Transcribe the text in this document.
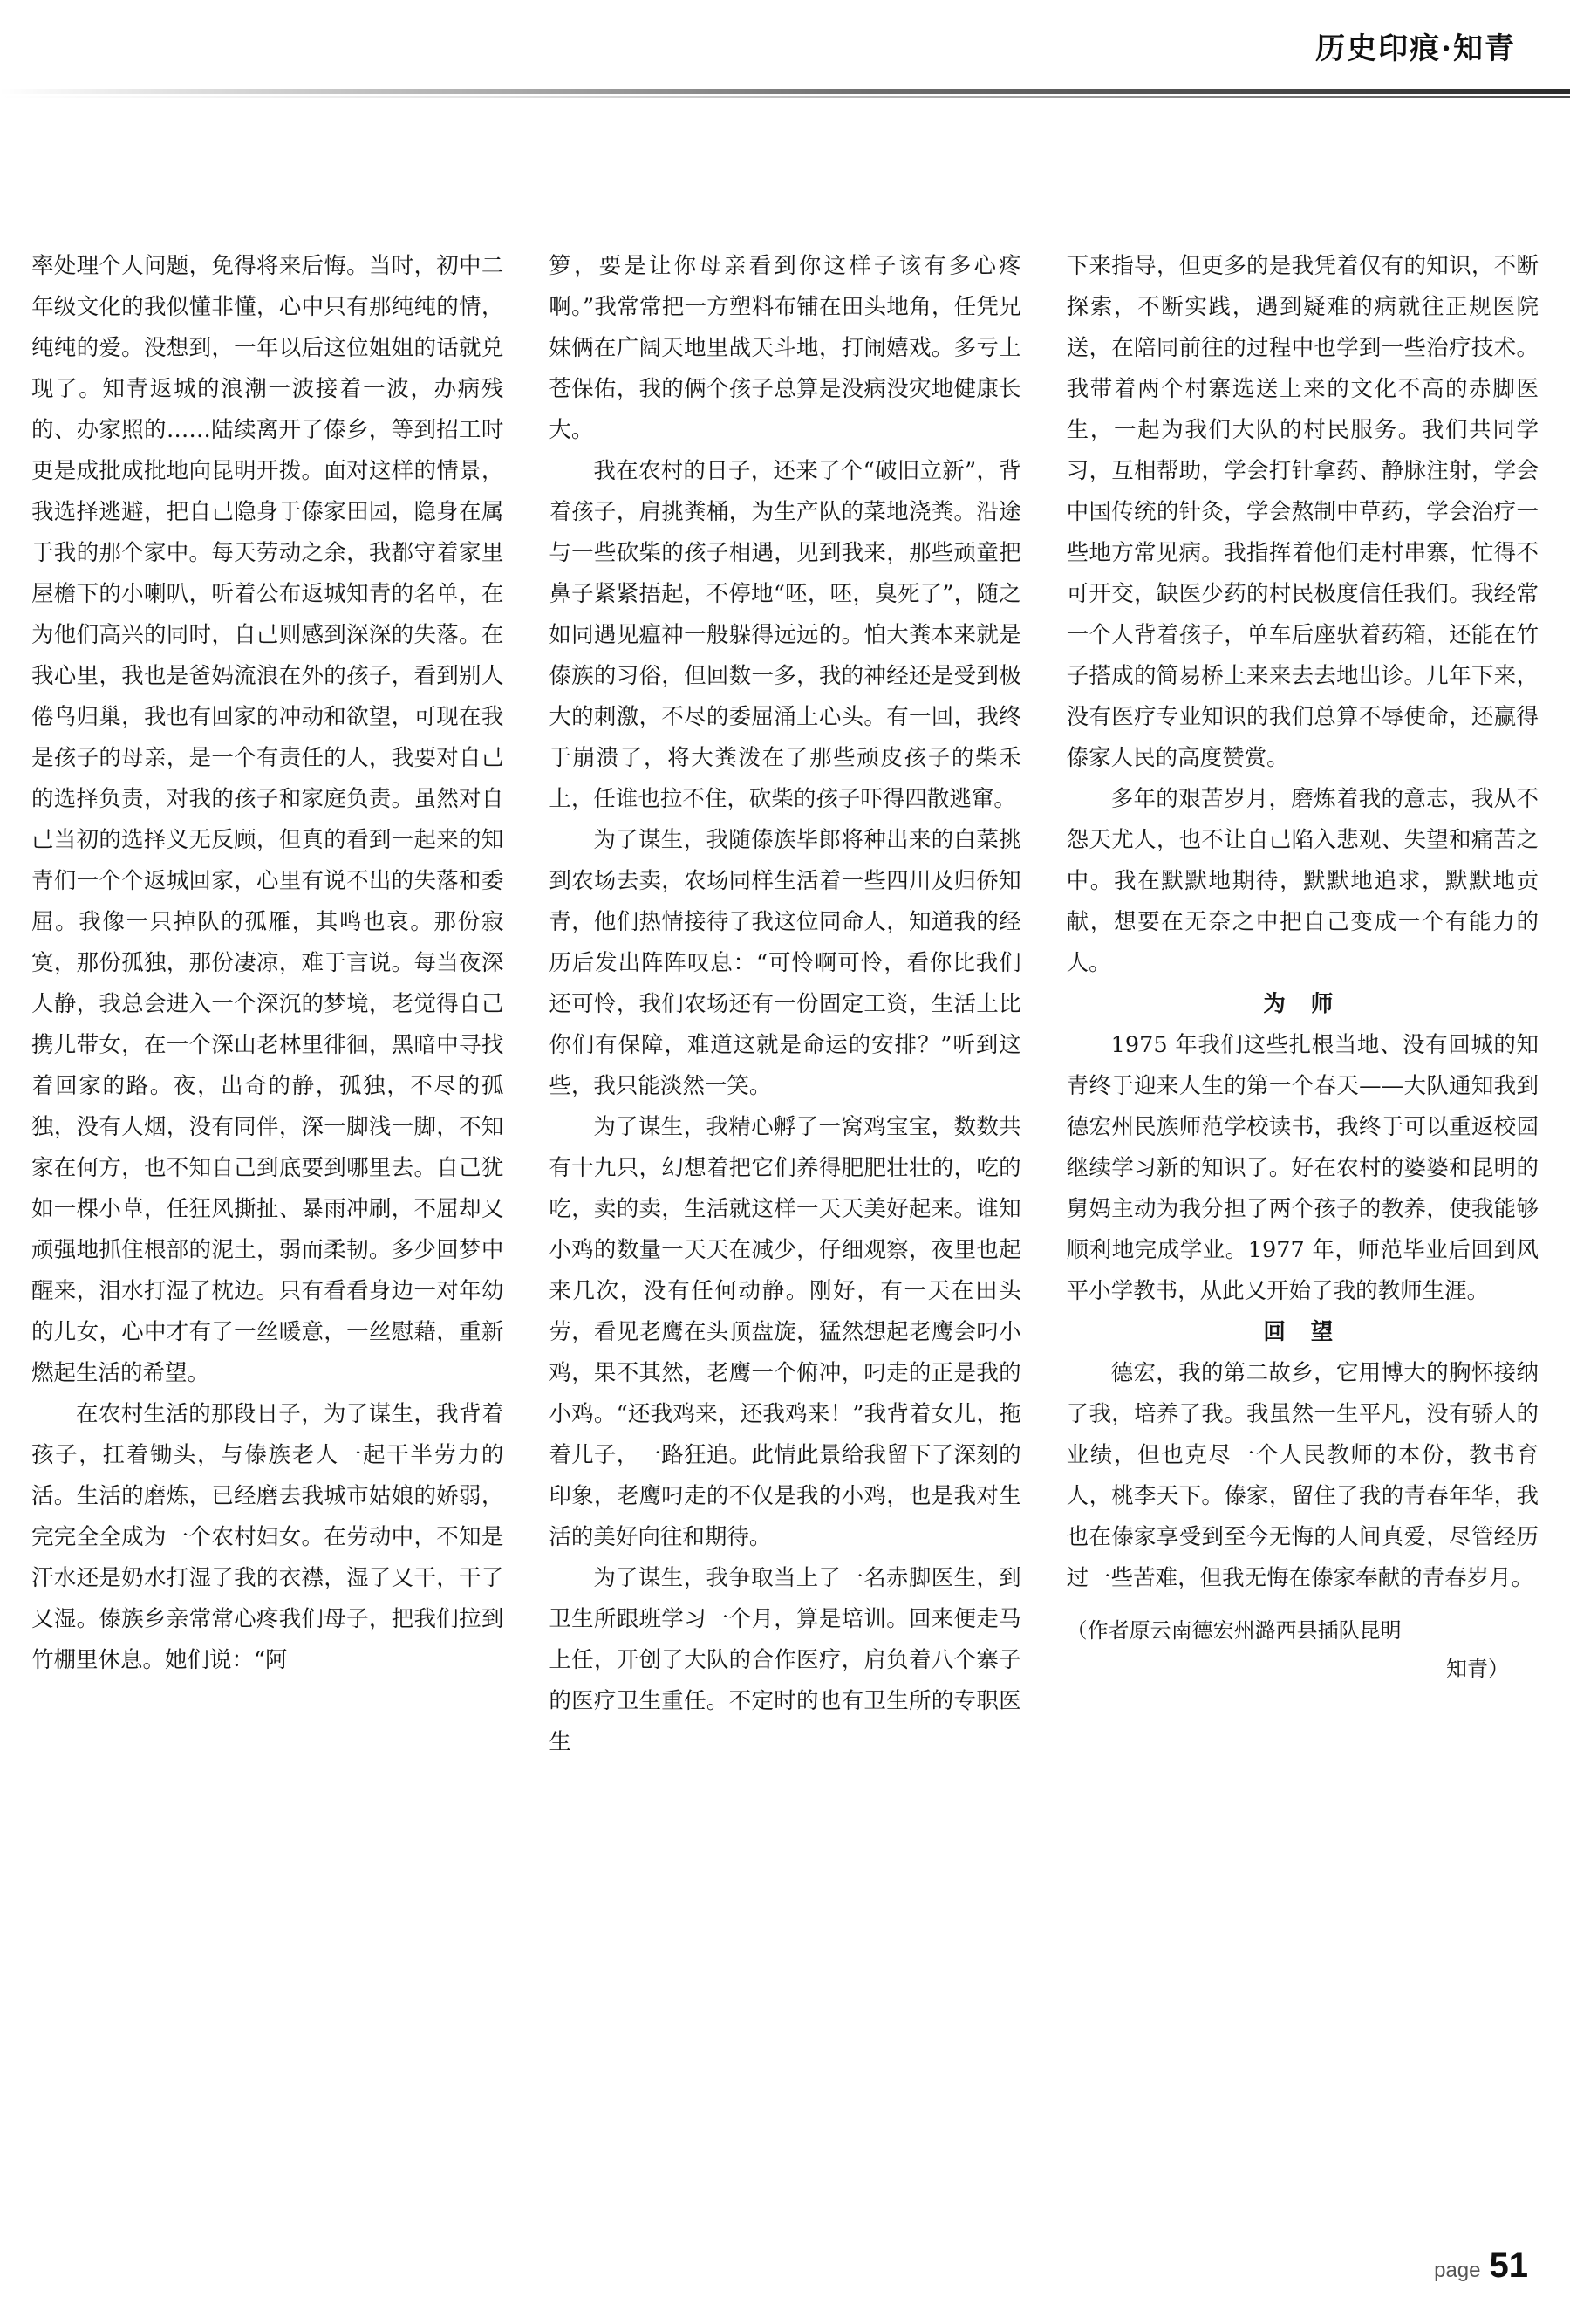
历史印痕·知青

率处理个人问题，免得将来后悔。当时，初中二年级文化的我似懂非懂，心中只有那纯纯的情，纯纯的爱。没想到，一年以后这位姐姐的话就兑现了。知青返城的浪潮一波接着一波，办病残的、办家照的……陆续离开了傣乡，等到招工时更是成批成批地向昆明开拨。面对这样的情景，我选择逃避，把自己隐身于傣家田园，隐身在属于我的那个家中。每天劳动之余，我都守着家里屋檐下的小喇叭，听着公布返城知青的名单，在为他们高兴的同时，自己则感到深深的失落。在我心里，我也是爸妈流浪在外的孩子，看到别人倦鸟归巢，我也有回家的冲动和欲望，可现在我是孩子的母亲，是一个有责任的人，我要对自己的选择负责，对我的孩子和家庭负责。虽然对自己当初的选择义无反顾，但真的看到一起来的知青们一个个返城回家，心里有说不出的失落和委屈。我像一只掉队的孤雁，其鸣也哀。那份寂寞，那份孤独，那份凄凉，难于言说。每当夜深人静，我总会进入一个深沉的梦境，老觉得自己携儿带女，在一个深山老林里徘徊，黑暗中寻找着回家的路。夜，出奇的静，孤独，不尽的孤独，没有人烟，没有同伴，深一脚浅一脚，不知家在何方，也不知自己到底要到哪里去。自己犹如一棵小草，任狂风撕扯、暴雨冲刷，不屈却又顽强地抓住根部的泥土，弱而柔韧。多少回梦中醒来，泪水打湿了枕边。只有看看身边一对年幼的儿女，心中才有了一丝暖意，一丝慰藉，重新燃起生活的希望。

在农村生活的那段日子，为了谋生，我背着孩子，扛着锄头，与傣族老人一起干半劳力的活。生活的磨炼，已经磨去我城市姑娘的娇弱，完完全全成为一个农村妇女。在劳动中，不知是汗水还是奶水打湿了我的衣襟，湿了又干，干了又湿。傣族乡亲常常心疼我们母子，把我们拉到竹棚里休息。她们说：“阿

箩，要是让你母亲看到你这样子该有多心疼啊。”我常常把一方塑料布铺在田头地角，任凭兄妹俩在广阔天地里战天斗地，打闹嬉戏。多亏上苍保佑，我的俩个孩子总算是没病没灾地健康长大。

我在农村的日子，还来了个“破旧立新”，背着孩子，肩挑粪桶，为生产队的菜地浇粪。沿途与一些砍柴的孩子相遇，见到我来，那些顽童把鼻子紧紧捂起，不停地“呸，呸，臭死了”，随之如同遇见瘟神一般躲得远远的。怕大粪本来就是傣族的习俗，但回数一多，我的神经还是受到极大的刺激，不尽的委屈涌上心头。有一回，我终于崩溃了，将大粪泼在了那些顽皮孩子的柴禾上，任谁也拉不住，砍柴的孩子吓得四散逃窜。

为了谋生，我随傣族毕郎将种出来的白菜挑到农场去卖，农场同样生活着一些四川及归侨知青，他们热情接待了我这位同命人，知道我的经历后发出阵阵叹息：“可怜啊可怜，看你比我们还可怜，我们农场还有一份固定工资，生活上比你们有保障，难道这就是命运的安排？”听到这些，我只能淡然一笑。

为了谋生，我精心孵了一窝鸡宝宝，数数共有十九只，幻想着把它们养得肥肥壮壮的，吃的吃，卖的卖，生活就这样一天天美好起来。谁知小鸡的数量一天天在减少，仔细观察，夜里也起来几次，没有任何动静。刚好，有一天在田头劳，看见老鹰在头顶盘旋，猛然想起老鹰会叼小鸡，果不其然，老鹰一个俯冲，叼走的正是我的小鸡。“还我鸡来，还我鸡来！”我背着女儿，拖着儿子，一路狂追。此情此景给我留下了深刻的印象，老鹰叼走的不仅是我的小鸡，也是我对生活的美好向往和期待。

为了谋生，我争取当上了一名赤脚医生，到卫生所跟班学习一个月，算是培训。回来便走马上任，开创了大队的合作医疗，肩负着八个寨子的医疗卫生重任。不定时的也有卫生所的专职医生

下来指导，但更多的是我凭着仅有的知识，不断探索，不断实践，遇到疑难的病就往正规医院送，在陪同前往的过程中也学到一些治疗技术。我带着两个村寨选送上来的文化不高的赤脚医生，一起为我们大队的村民服务。我们共同学习，互相帮助，学会打针拿药、静脉注射，学会中国传统的针灸，学会熬制中草药，学会治疗一些地方常见病。我指挥着他们走村串寨，忙得不可开交，缺医少药的村民极度信任我们。我经常一个人背着孩子，单车后座驮着药箱，还能在竹子搭成的简易桥上来来去去地出诊。几年下来，没有医疗专业知识的我们总算不辱使命，还赢得傣家人民的高度赞赏。

多年的艰苦岁月，磨炼着我的意志，我从不怨天尤人，也不让自己陷入悲观、失望和痛苦之中。我在默默地期待，默默地追求，默默地贡献，想要在无奈之中把自己变成一个有能力的人。

为 师

1975 年我们这些扎根当地、没有回城的知青终于迎来人生的第一个春天——大队通知我到德宏州民族师范学校读书，我终于可以重返校园继续学习新的知识了。好在农村的婆婆和昆明的舅妈主动为我分担了两个孩子的教养，使我能够顺利地完成学业。1977 年，师范毕业后回到风平小学教书，从此又开始了我的教师生涯。

回 望

德宏，我的第二故乡，它用博大的胸怀接纳了我，培养了我。我虽然一生平凡，没有骄人的业绩，但也克尽一个人民教师的本份，教书育人，桃李天下。傣家，留住了我的青春年华，我也在傣家享受到至今无悔的人间真爱，尽管经历过一些苦难，但我无悔在傣家奉献的青春岁月。

（作者原云南德宏州潞西县插队昆明
知青）
page 51
